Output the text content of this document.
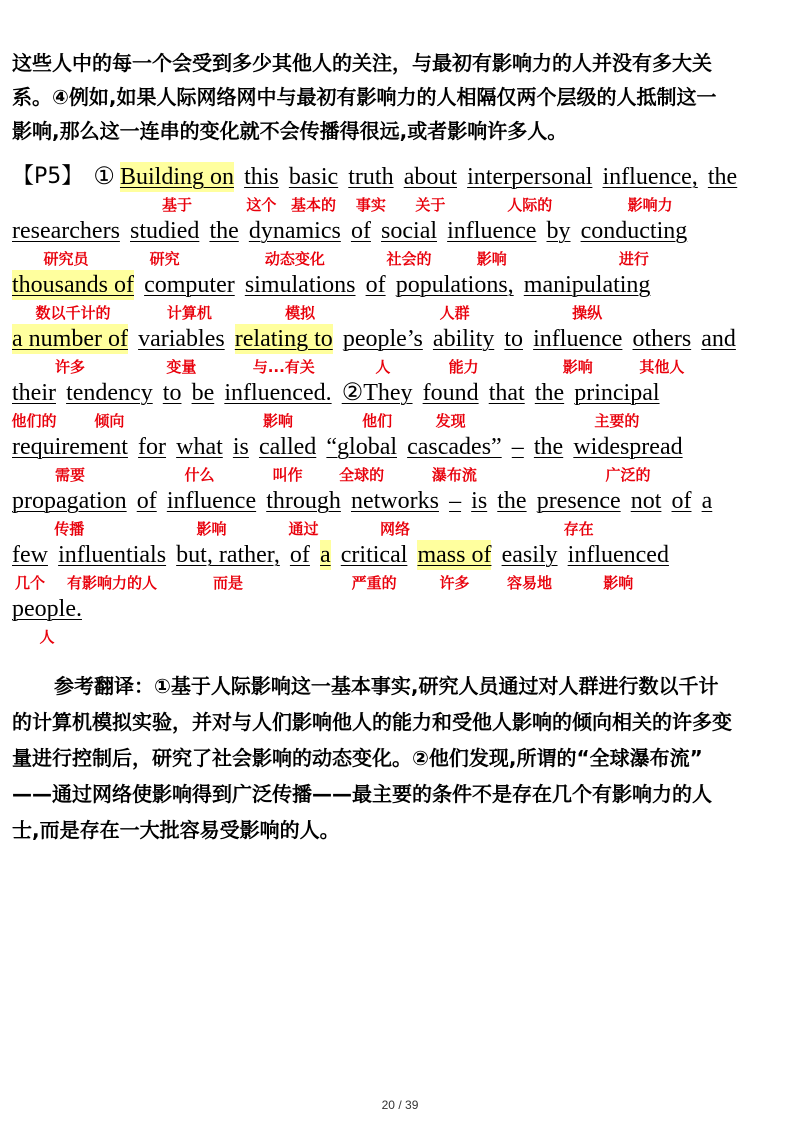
这些人中的每一个会受到多少其他人的关注，与最初有影响力的人并没有多大关

系。④例如,如果人际网络网中与最初有影响力的人相隔仅两个层级的人抵制这一

影响,那么这一连串的变化就不会传播得很远,或者影响许多人。

【P5】
①
Building on
基于

this
这个

basic
基本的

truth
事实

about
关于

interpersonal
人际的

influence,
影响力

the
researchers
研究员

studied
研究

the
dynamics
动态变化

of
social
社会的

influence
影响

by
conducting
进行
thousands of
数以千计的

computer
计算机

simulations
模拟

of
populations,
人群

manipulating
操纵
a number of
许多

variables
变量

relating to
与...有关

people’s
人

ability
能力

to
influence
影响

others
其他人

and
their
他们的

tendency
倾向

to
be
influenced.
影响

②They
他们

found
发现

that
the
principal
主要的
requirement
需要

for
what
什么

is
called
叫作

“global
全球的

cascades”
瀑布流

–
the
widespread
广泛的
propagation
传播

of
influence
影响

through
通过

networks
网络

–
is
the
presence
存在

not
of
a
few
几个

influentials
有影响力的人

but, rather,
而是

of
a
critical
严重的

mass of
许多

easily
容易地

influenced
影响
people.
人

参考翻译：①基于人际影响这一基本事实,研究人员通过对人群进行数以千计

的计算机模拟实验，并对与人们影响他人的能力和受他人影响的倾向相关的许多变

量进行控制后，研究了社会影响的动态变化。②他们发现,所谓的“全球瀑布流”

——通过网络使影响得到广泛传播——最主要的条件不是存在几个有影响力的人

士,而是存在一大批容易受影响的人。

20 / 39
